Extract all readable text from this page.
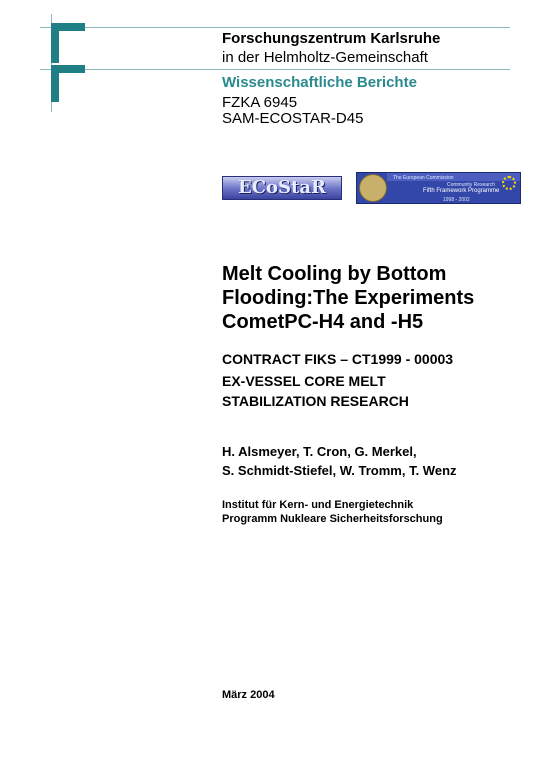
Forschungszentrum Karlsruhe
in der Helmholtz-Gemeinschaft
Wissenschaftliche Berichte
FZKA 6945
SAM-ECOSTAR-D45
ECoStaR	The European Commission
Community Research
Fifth Framework Programme
1998 - 2002
Melt Cooling by Bottom Flooding:The Experiments CometPC-H4 and -H5
CONTRACT FIKS – CT1999 - 00003
EX-VESSEL CORE MELT
STABILIZATION RESEARCH
H. Alsmeyer, T. Cron, G. Merkel,
S. Schmidt-Stiefel, W. Tromm, T. Wenz
Institut für Kern- und Energietechnik
Programm Nukleare Sicherheitsforschung
März 2004
